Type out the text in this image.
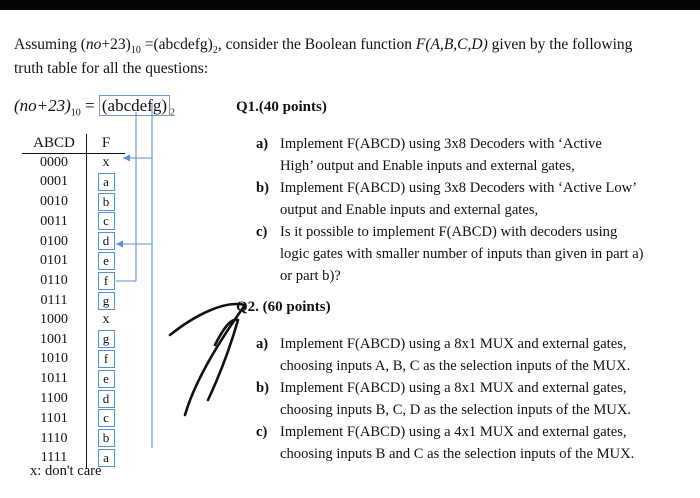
Assuming $(no+23)_{10}$ $=(abcdefg)_2$, consider the Boolean function F(A,B,C,D) given by the following
truth table for all the questions:
$(no+23)_{10}$ = (abcdefg) $_2$
ABCD	F
0000	x
0001	a
0010	b
0011	c
0100	d
0101	e
0110	f
0111	g
1000	x
1001	g
1010	f
1011	e
1100	d
1101	c
1110	b
1111	a
x: don't care
Q1.(40 points)
a) Implement F(ABCD) using 3x8 Decoders with ‘Active
High’ output and Enable inputs and external gates,
b) Implement F(ABCD) using 3x8 Decoders with ‘Active Low’
output and Enable inputs and external gates,
c) Is it possible to implement F(ABCD) with decoders using
logic gates with smaller number of inputs than given in part a)
or part b)?
Q2. (60 points)
a) Implement F(ABCD) using a 8x1 MUX and external gates,
choosing inputs A, B, C as the selection inputs of the MUX.
b) Implement F(ABCD) using a 8x1 MUX and external gates,
choosing inputs B, C, D as the selection inputs of the MUX.
c) Implement F(ABCD) using a 4x1 MUX and external gates,
choosing inputs B and C as the selection inputs of the MUX.
